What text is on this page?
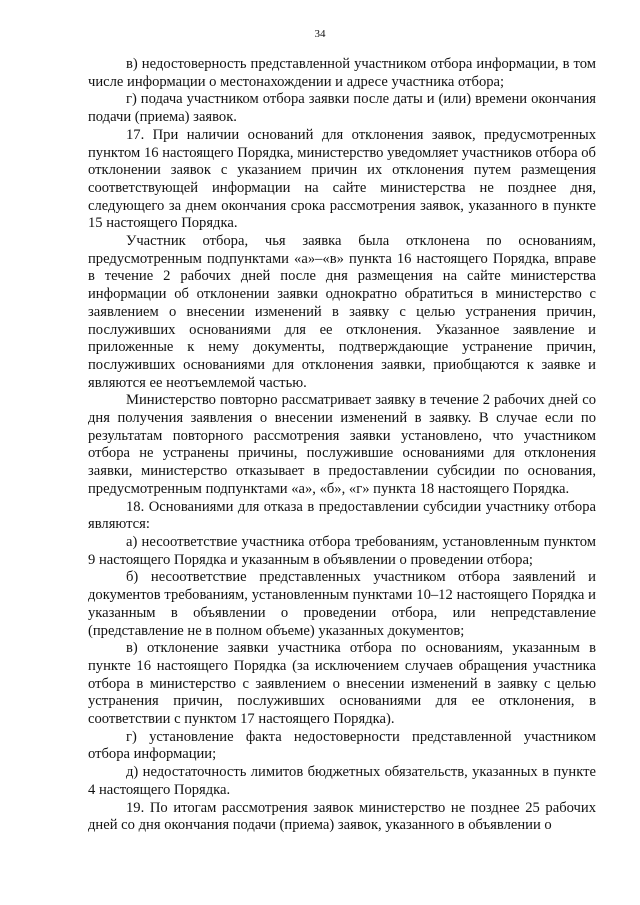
34

в) недостоверность представленной участником отбора информации, в том числе информации о местонахождении и адресе участника отбора;

г) подача участником отбора заявки после даты и (или) времени окончания подачи (приема) заявок.

17. При наличии оснований для отклонения заявок, предусмотренных пунктом 16 настоящего Порядка, министерство уведомляет участников отбора об отклонении заявок с указанием причин их отклонения путем размещения соответствующей информации на сайте министерства не позднее дня, следующего за днем окончания срока рассмотрения заявок, указанного в пункте 15 настоящего Порядка.

Участник отбора, чья заявка была отклонена по основаниям, предусмотренным подпунктами «а»–«в» пункта 16 настоящего Порядка, вправе в течение 2 рабочих дней после дня размещения на сайте министерства информации об отклонении заявки однократно обратиться в министерство с заявлением о внесении изменений в заявку с целью устранения причин, послуживших основаниями для ее отклонения. Указанное заявление и приложенные к нему документы, подтверждающие устранение причин, послуживших основаниями для отклонения заявки, приобщаются к заявке и являются ее неотъемлемой частью.

Министерство повторно рассматривает заявку в течение 2 рабочих дней со дня получения заявления о внесении изменений в заявку. В случае если по результатам повторного рассмотрения заявки установлено, что участником отбора не устранены причины, послужившие основаниями для отклонения заявки, министерство отказывает в предоставлении субсидии по основания, предусмотренным подпунктами «а», «б», «г» пункта 18 настоящего Порядка.

18. Основаниями для отказа в предоставлении субсидии участнику отбора являются:

а) несоответствие участника отбора требованиям, установленным пунктом 9 настоящего Порядка и указанным в объявлении о проведении отбора;

б) несоответствие представленных участником отбора заявлений и документов требованиям, установленным пунктами 10–12 настоящего Порядка и указанным в объявлении о проведении отбора, или непредставление (представление не в полном объеме) указанных документов;

в) отклонение заявки участника отбора по основаниям, указанным в пункте 16 настоящего Порядка (за исключением случаев обращения участника отбора в министерство с заявлением о внесении изменений в заявку с целью устранения причин, послуживших основаниями для ее отклонения, в соответствии с пунктом 17 настоящего Порядка).

г) установление факта недостоверности представленной участником отбора информации;

д) недостаточность лимитов бюджетных обязательств, указанных в пункте 4 настоящего Порядка.

19. По итогам рассмотрения заявок министерство не позднее 25 рабочих дней со дня окончания подачи (приема) заявок, указанного в объявлении о
